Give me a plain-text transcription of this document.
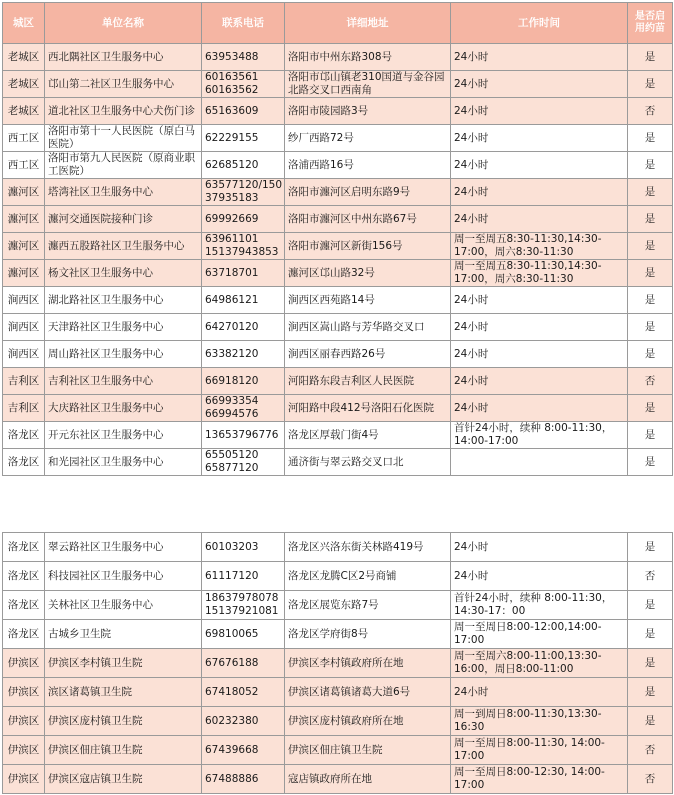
城区	单位名称	联系电话	详细地址	工作时间	是否启用约苗
老城区	西北隅社区卫生服务中心	63953488	洛阳市中州东路308号	24小时	是
老城区	邙山第二社区卫生服务中心	60163561 60163562	洛阳市邙山镇老310国道与金谷园北路交叉口西南角	24小时	是
老城区	道北社区卫生服务中心犬伤门诊	65163609	洛阳市陵园路3号	24小时	否
西工区	洛阳市第十一人民医院（原白马医院）	62229155	纱厂西路72号	24小时	是
西工区	洛阳市第九人民医院（原商业职工医院）	62685120	洛浦西路16号	24小时	是
瀍河区	塔湾社区卫生服务中心	63577120/150 37935183	洛阳市瀍河区启明东路9号	24小时	是
瀍河区	瀍河交通医院接种门诊	69992669	洛阳市瀍河区中州东路67号	24小时	是
瀍河区	瀍西五股路社区卫生服务中心	63961101 15137943853	洛阳市瀍河区新街156号	周一至周五8:30-11:30,14:30-17:00，周六8:30-11:30	是
瀍河区	杨文社区卫生服务中心	63718701	瀍河区邙山路32号	周一至周五8:30-11:30,14:30-17:00，周六8:30-11:30	是
涧西区	湖北路社区卫生服务中心	64986121	涧西区西苑路14号	24小时	是
涧西区	天津路社区卫生服务中心	64270120	涧西区嵩山路与芳华路交叉口	24小时	是
涧西区	周山路社区卫生服务中心	63382120	涧西区丽春西路26号	24小时	是
吉利区	吉利社区卫生服务中心	66918120	河阳路东段吉利区人民医院	24小时	否
吉利区	大庆路社区卫生服务中心	66993354 66994576	河阳路中段412号洛阳石化医院	24小时	是
洛龙区	开元东社区卫生服务中心	13653796776	洛龙区厚载门街4号	首针24小时，续种 8:00-11:30，14:00-17:00	是
洛龙区	和光园社区卫生服务中心	65505120 65877120	通济街与翠云路交叉口北		是
洛龙区	翠云路社区卫生服务中心	60103203	洛龙区兴洛东街关林路419号	24小时	是
洛龙区	科技园社区卫生服务中心	61117120	洛龙区龙腾C区2号商铺	24小时	否
洛龙区	关林社区卫生服务中心	18637978078 15137921081	洛龙区展览东路7号	首针24小时，续种 8:00-11:30，14:30-17：00	是
洛龙区	古城乡卫生院	69810065	洛龙区学府街8号	周一至周日8:00-12:00,14:00-17:00	是
伊滨区	伊滨区李村镇卫生院	67676188	伊滨区李村镇政府所在地	周一至周六8:00-11:00,13:30-16:00，周日8:00-11:00	是
伊滨区	滨区诸葛镇卫生院	67418052	伊滨区诸葛镇诸葛大道6号	24小时	是
伊滨区	伊滨区庞村镇卫生院	60232380	伊滨区庞村镇政府所在地	周一到周日8:00-11:30,13:30-16:30	是
伊滨区	伊滨区佃庄镇卫生院	67439668	伊滨区佃庄镇卫生院	周一至周日8:00-11:30, 14:00-17:00	否
伊滨区	伊滨区寇店镇卫生院	67488886	寇店镇政府所在地	周一至周日8:00-12:30, 14:00-17:00	否
